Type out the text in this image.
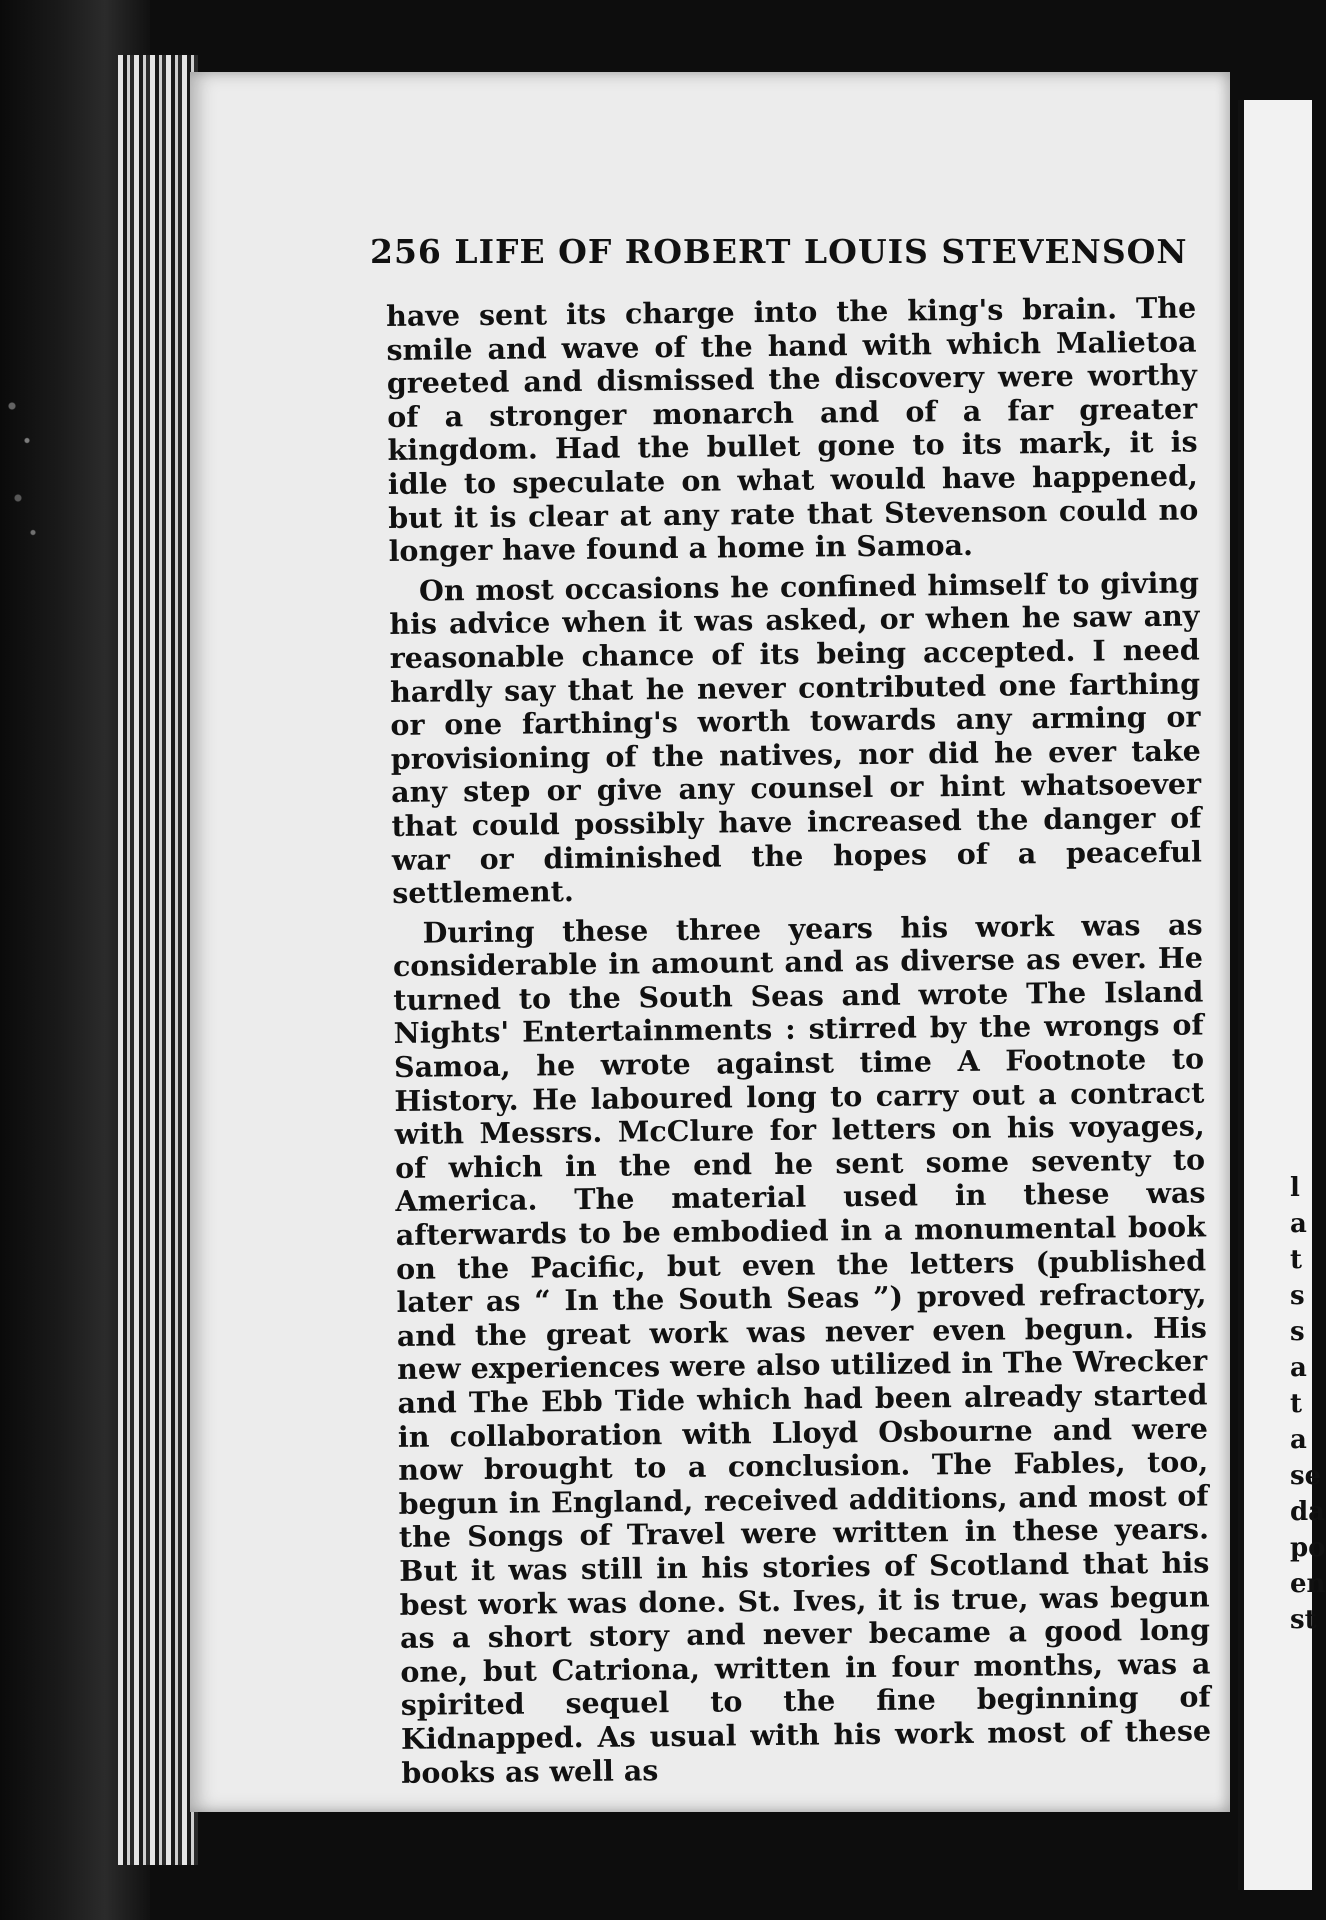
l
a
t
s
s
a
t
a
se
da
po
en
st
256 LIFE OF ROBERT LOUIS STEVENSON

have sent its charge into the king's brain. The smile and wave of the hand with which Malietoa greeted and dismissed the discovery were worthy of a stronger monarch and of a far greater kingdom. Had the bullet gone to its mark, it is idle to speculate on what would have happened, but it is clear at any rate that Stevenson could no longer have found a home in Samoa.

On most occasions he confined himself to giving his advice when it was asked, or when he saw any reasonable chance of its being accepted. I need hardly say that he never contributed one farthing or one farthing's worth towards any arming or provisioning of the natives, nor did he ever take any step or give any counsel or hint whatsoever that could possibly have increased the danger of war or diminished the hopes of a peaceful settlement.

During these three years his work was as considerable in amount and as diverse as ever. He turned to the South Seas and wrote The Island Nights' Entertainments : stirred by the wrongs of Samoa, he wrote against time A Footnote to History. He laboured long to carry out a contract with Messrs. McClure for letters on his voyages, of which in the end he sent some seventy to America. The material used in these was afterwards to be embodied in a monumental book on the Pacific, but even the letters (published later as “ In the South Seas ”) proved refractory, and the great work was never even begun. His new experiences were also utilized in The Wrecker and The Ebb Tide which had been already started in collaboration with Lloyd Osbourne and were now brought to a conclusion. The Fables, too, begun in England, received additions, and most of the Songs of Travel were written in these years. But it was still in his stories of Scotland that his best work was done. St. Ives, it is true, was begun as a short story and never became a good long one, but Catriona, written in four months, was a spirited sequel to the fine beginning of Kidnapped. As usual with his work most of these books as well as
